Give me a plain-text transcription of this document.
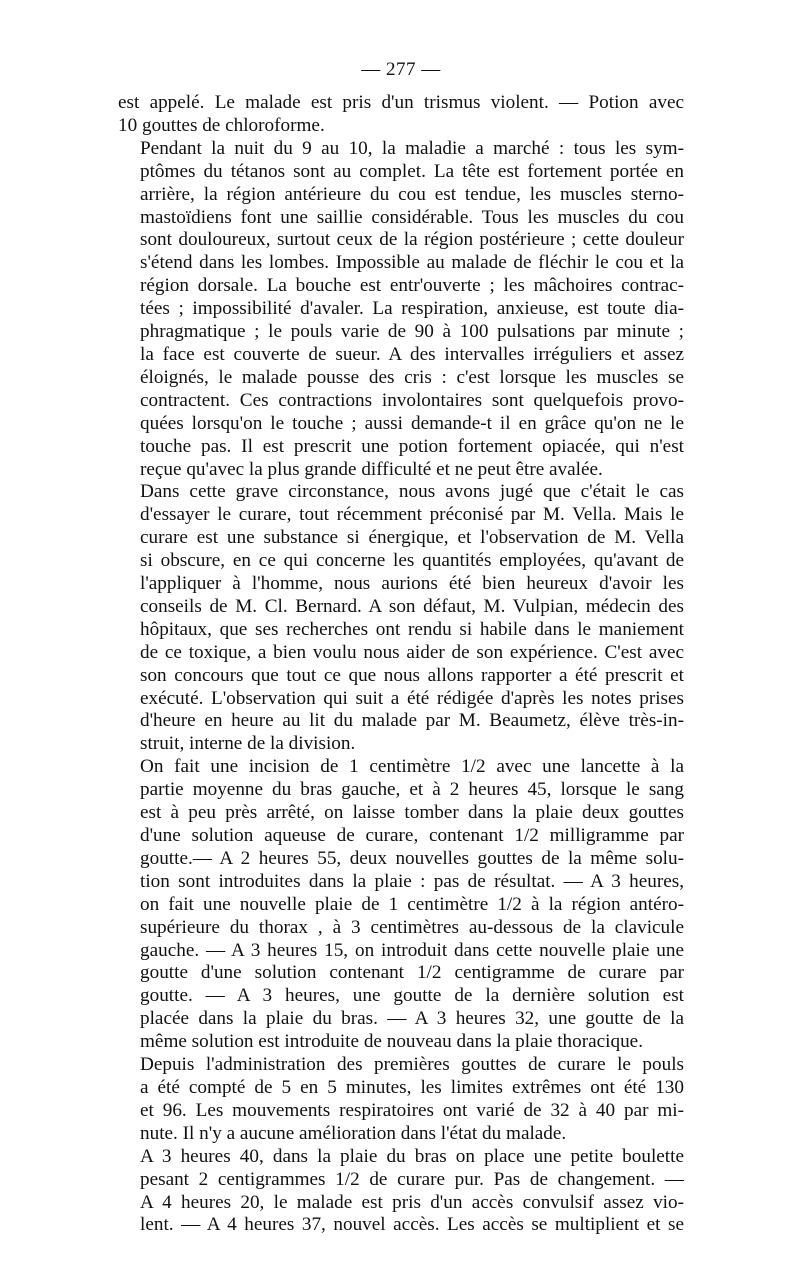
— 277 —
est appelé. Le malade est pris d'un trismus violent. — Potion avec
10 gouttes de chloroforme.
Pendant la nuit du 9 au 10, la maladie a marché : tous les sym-
ptômes du tétanos sont au complet. La tête est fortement portée en
arrière, la région antérieure du cou est tendue, les muscles sterno-
mastoïdiens font une saillie considérable. Tous les muscles du cou
sont douloureux, surtout ceux de la région postérieure ; cette douleur
s'étend dans les lombes. Impossible au malade de fléchir le cou et la
région dorsale. La bouche est entr'ouverte ; les mâchoires contrac-
tées ; impossibilité d'avaler. La respiration, anxieuse, est toute dia-
phragmatique ; le pouls varie de 90 à 100 pulsations par minute ;
la face est couverte de sueur. A des intervalles irréguliers et assez
éloignés, le malade pousse des cris : c'est lorsque les muscles se
contractent. Ces contractions involontaires sont quelquefois provo-
quées lorsqu'on le touche ; aussi demande-t il en grâce qu'on ne le
touche pas. Il est prescrit une potion fortement opiacée, qui n'est
reçue qu'avec la plus grande difficulté et ne peut être avalée.
Dans cette grave circonstance, nous avons jugé que c'était le cas
d'essayer le curare, tout récemment préconisé par M. Vella. Mais le
curare est une substance si énergique, et l'observation de M. Vella
si obscure, en ce qui concerne les quantités employées, qu'avant de
l'appliquer à l'homme, nous aurions été bien heureux d'avoir les
conseils de M. Cl. Bernard. A son défaut, M. Vulpian, médecin des
hôpitaux, que ses recherches ont rendu si habile dans le maniement
de ce toxique, a bien voulu nous aider de son expérience. C'est avec
son concours que tout ce que nous allons rapporter a été prescrit et
exécuté. L'observation qui suit a été rédigée d'après les notes prises
d'heure en heure au lit du malade par M. Beaumetz, élève très-in-
struit, interne de la division.
On fait une incision de 1 centimètre 1/2 avec une lancette à la
partie moyenne du bras gauche, et à 2 heures 45, lorsque le sang
est à peu près arrêté, on laisse tomber dans la plaie deux gouttes
d'une solution aqueuse de curare, contenant 1/2 milligramme par
goutte.— A 2 heures 55, deux nouvelles gouttes de la même solu-
tion sont introduites dans la plaie : pas de résultat. — A 3 heures,
on fait une nouvelle plaie de 1 centimètre 1/2 à la région antéro-
supérieure du thorax , à 3 centimètres au-dessous de la clavicule
gauche. — A 3 heures 15, on introduit dans cette nouvelle plaie une
goutte d'une solution contenant 1/2 centigramme de curare par
goutte. — A 3 heures, une goutte de la dernière solution est
placée dans la plaie du bras. — A 3 heures 32, une goutte de la
même solution est introduite de nouveau dans la plaie thoracique.
Depuis l'administration des premières gouttes de curare le pouls
a été compté de 5 en 5 minutes, les limites extrêmes ont été 130
et 96. Les mouvements respiratoires ont varié de 32 à 40 par mi-
nute. Il n'y a aucune amélioration dans l'état du malade.
A 3 heures 40, dans la plaie du bras on place une petite boulette
pesant 2 centigrammes 1/2 de curare pur. Pas de changement. —
A 4 heures 20, le malade est pris d'un accès convulsif assez vio-
lent. — A 4 heures 37, nouvel accès. Les accès se multiplient et se
